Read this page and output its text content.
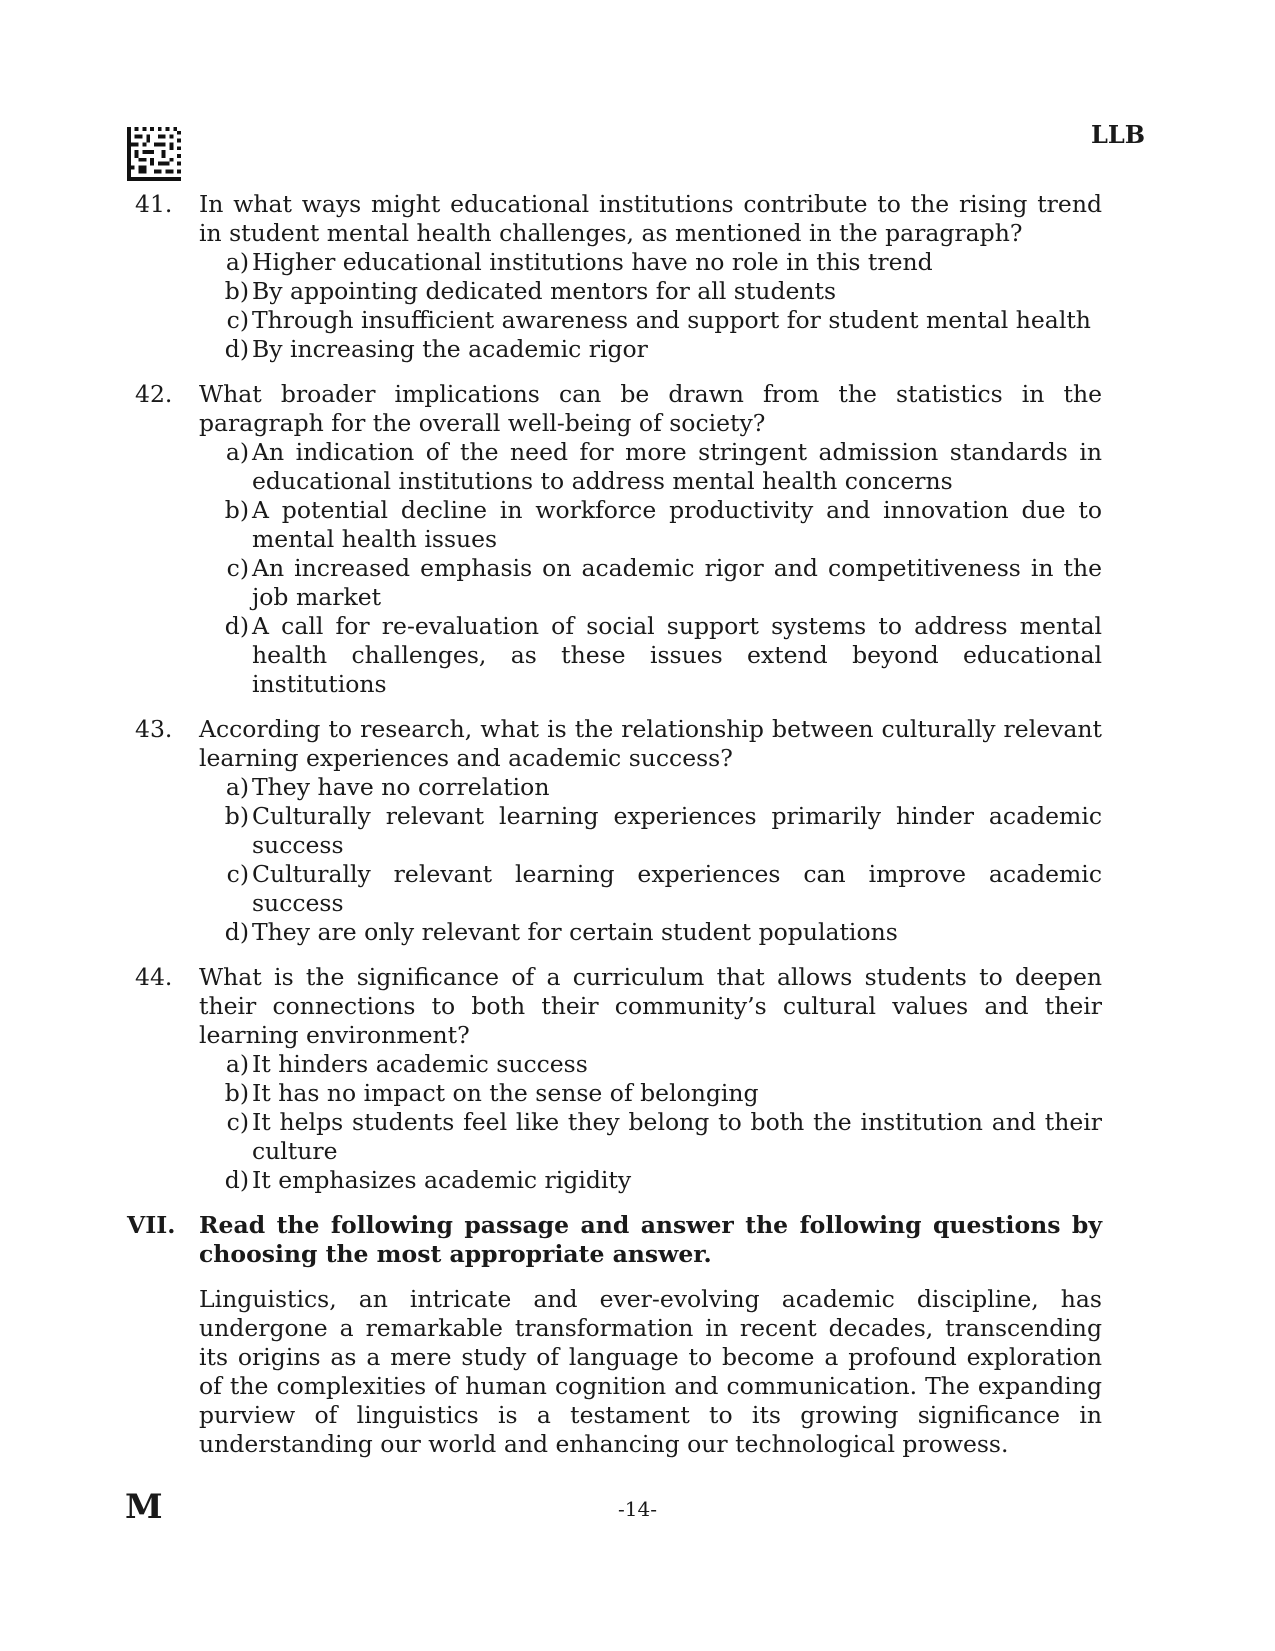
LLB
41. In what ways might educational institutions contribute to the rising trend in student mental health challenges, as mentioned in the paragraph?
a) Higher educational institutions have no role in this trend
b) By appointing dedicated mentors for all students
c) Through insufficient awareness and support for student mental health
d) By increasing the academic rigor
42. What broader implications can be drawn from the statistics in the paragraph for the overall well-being of society?
a) An indication of the need for more stringent admission standards in educational institutions to address mental health concerns
b) A potential decline in workforce productivity and innovation due to mental health issues
c) An increased emphasis on academic rigor and competitiveness in the job market
d) A call for re-evaluation of social support systems to address mental health challenges, as these issues extend beyond educational institutions
43. According to research, what is the relationship between culturally relevant learning experiences and academic success?
a) They have no correlation
b) Culturally relevant learning experiences primarily hinder academic success
c) Culturally relevant learning experiences can improve academic success
d) They are only relevant for certain student populations
44. What is the significance of a curriculum that allows students to deepen their connections to both their community’s cultural values and their learning environment?
a) It hinders academic success
b) It has no impact on the sense of belonging
c) It helps students feel like they belong to both the institution and their culture
d) It emphasizes academic rigidity
VII. Read the following passage and answer the following questions by choosing the most appropriate answer.
Linguistics, an intricate and ever-evolving academic discipline, has undergone a remarkable transformation in recent decades, transcending its origins as a mere study of language to become a profound exploration of the complexities of human cognition and communication. The expanding purview of linguistics is a testament to its growing significance in understanding our world and enhancing our technological prowess.
M	-14-
